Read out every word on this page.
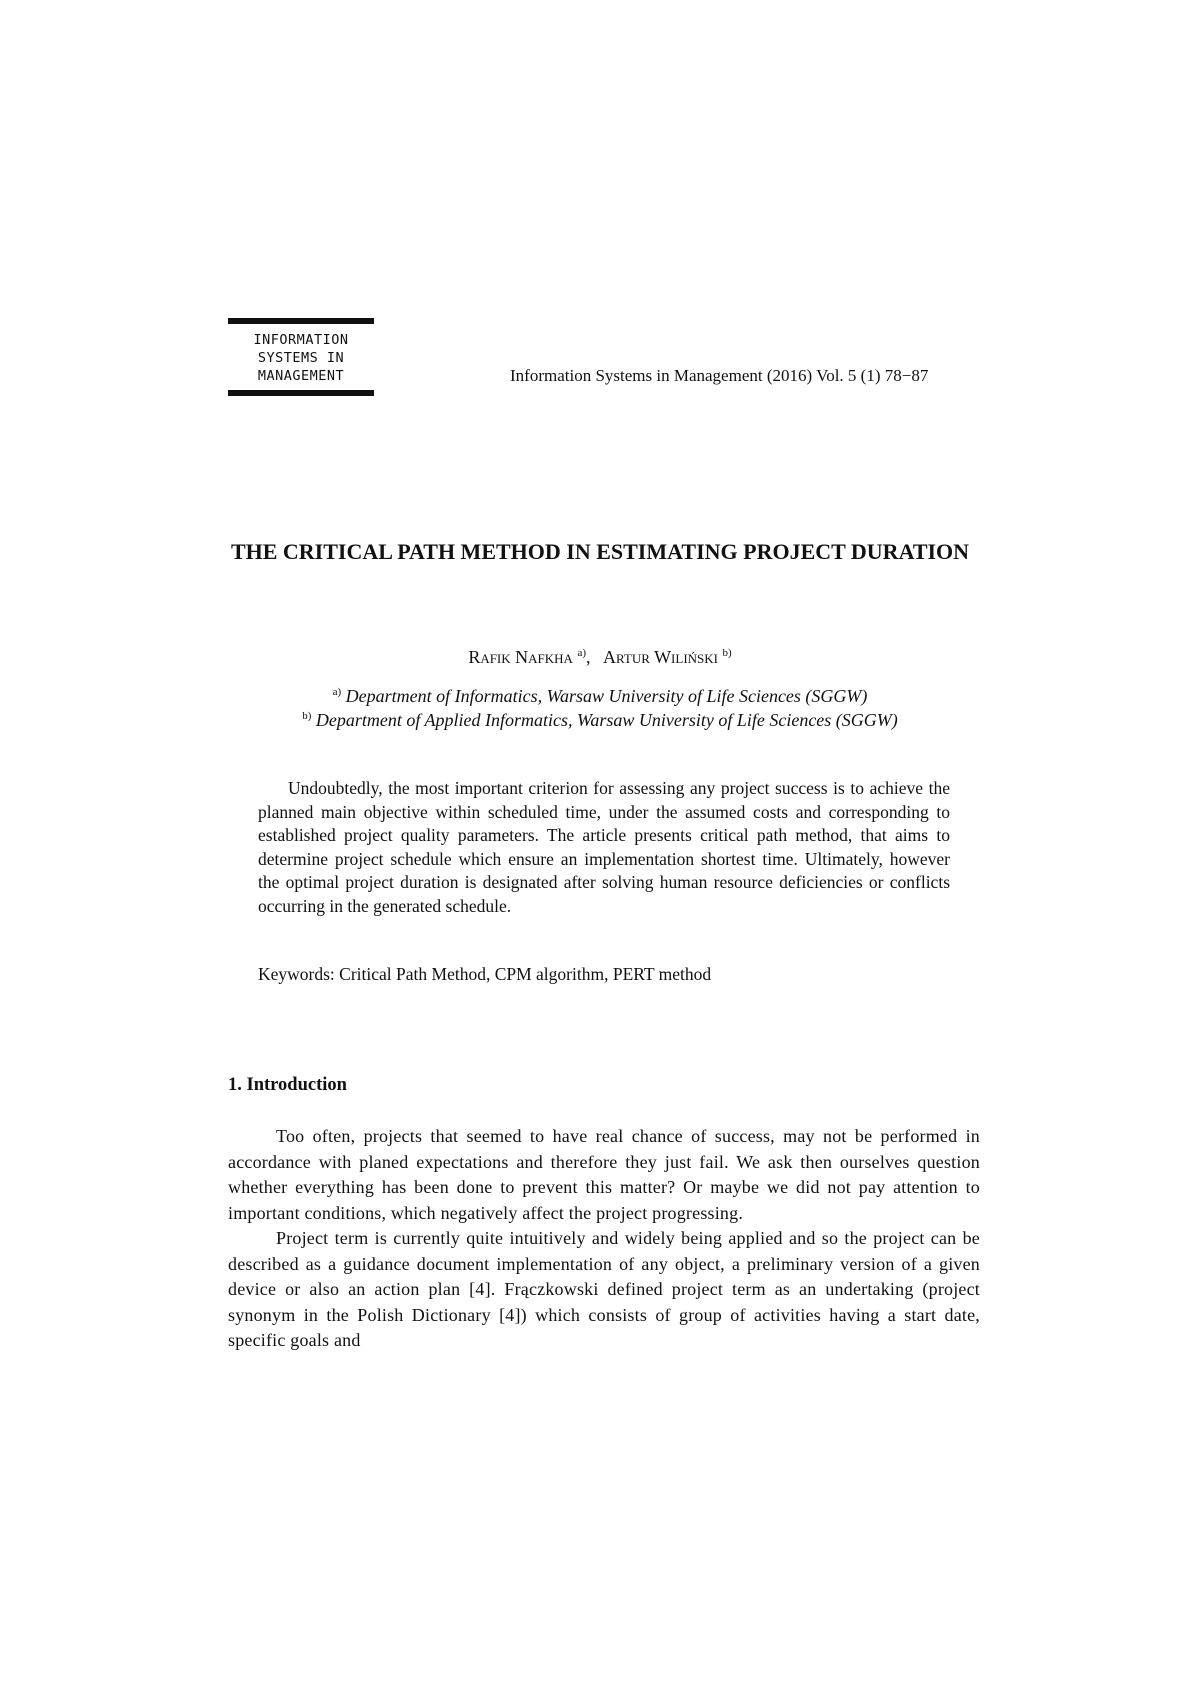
INFORMATION
SYSTEMS IN
MANAGEMENT	Information Systems in Management (2016) Vol. 5 (1) 78−87
THE CRITICAL PATH METHOD IN ESTIMATING PROJECT DURATION
Rafik Nafkha $^{a)}$, Artur Wiliński $^{b)}$
$^{a)}$ Department of Informatics, Warsaw University of Life Sciences (SGGW)
$^{b)}$ Department of Applied Informatics, Warsaw University of Life Sciences (SGGW)

Undoubtedly, the most important criterion for assessing any project success is to achieve the planned main objective within scheduled time, under the assumed costs and corresponding to established project quality parameters. The article presents critical path method, that aims to determine project schedule which ensure an implementation shortest time. Ultimately, however the optimal project duration is designated after solving human resource deficiencies or conflicts occurring in the generated schedule.

Keywords: Critical Path Method, CPM algorithm, PERT method
1. Introduction

Too often, projects that seemed to have real chance of success, may not be performed in accordance with planed expectations and therefore they just fail. We ask then ourselves question whether everything has been done to prevent this matter? Or maybe we did not pay attention to important conditions, which negatively affect the project progressing.

Project term is currently quite intuitively and widely being applied and so the project can be described as a guidance document implementation of any object, a preliminary version of a given device or also an action plan [4]. Frączkowski defined project term as an undertaking (project synonym in the Polish Dictionary [4]) which consists of group of activities having a start date, specific goals and
